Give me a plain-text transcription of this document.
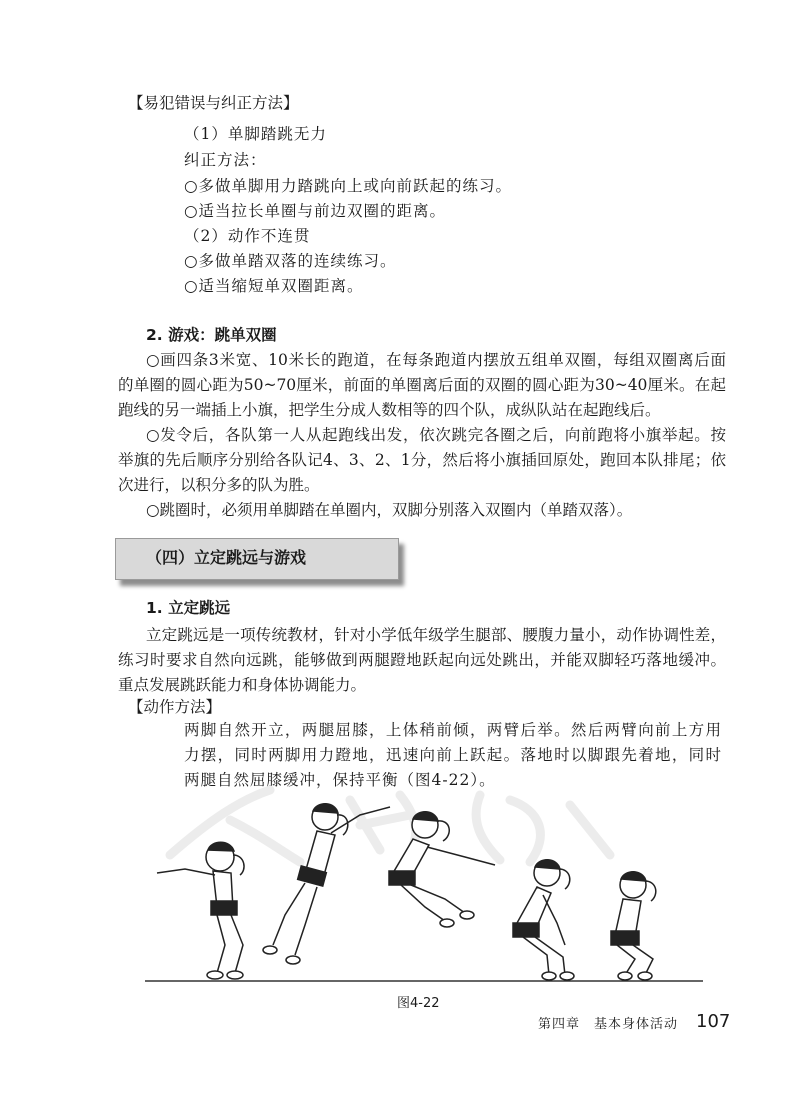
【易犯错误与纠正方法】
（1）单脚踏跳无力
纠正方法：
○多做单脚用力踏跳向上或向前跃起的练习。
○适当拉长单圈与前边双圈的距离。
（2）动作不连贯
○多做单踏双落的连续练习。
○适当缩短单双圈距离。
2. 游戏：跳单双圈
○画四条3米宽、10米长的跑道，在每条跑道内摆放五组单双圈，每组双圈离后面
的单圈的圆心距为50~70厘米，前面的单圈离后面的双圈的圆心距为30~40厘米。在起
跑线的另一端插上小旗，把学生分成人数相等的四个队，成纵队站在起跑线后。
○发令后，各队第一人从起跑线出发，依次跳完各圈之后，向前跑将小旗举起。按
举旗的先后顺序分别给各队记4、3、2、1分，然后将小旗插回原处，跑回本队排尾；依
次进行，以积分多的队为胜。
○跳圈时，必须用单脚踏在单圈内，双脚分别落入双圈内（单踏双落）。
（四）立定跳远与游戏
1. 立定跳远
立定跳远是一项传统教材，针对小学低年级学生腿部、腰腹力量小，动作协调性差，
练习时要求自然向远跳，能够做到两腿蹬地跃起向远处跳出，并能双脚轻巧落地缓冲。
重点发展跳跃能力和身体协调能力。
【动作方法】
两脚自然开立，两腿屈膝，上体稍前倾，两臂后举。然后两臂向前上方用
力摆，同时两脚用力蹬地，迅速向前上跃起。落地时以脚跟先着地，同时
两腿自然屈膝缓冲，保持平衡（图4-22）。
图4-22
第四章　基本身体活动 107
